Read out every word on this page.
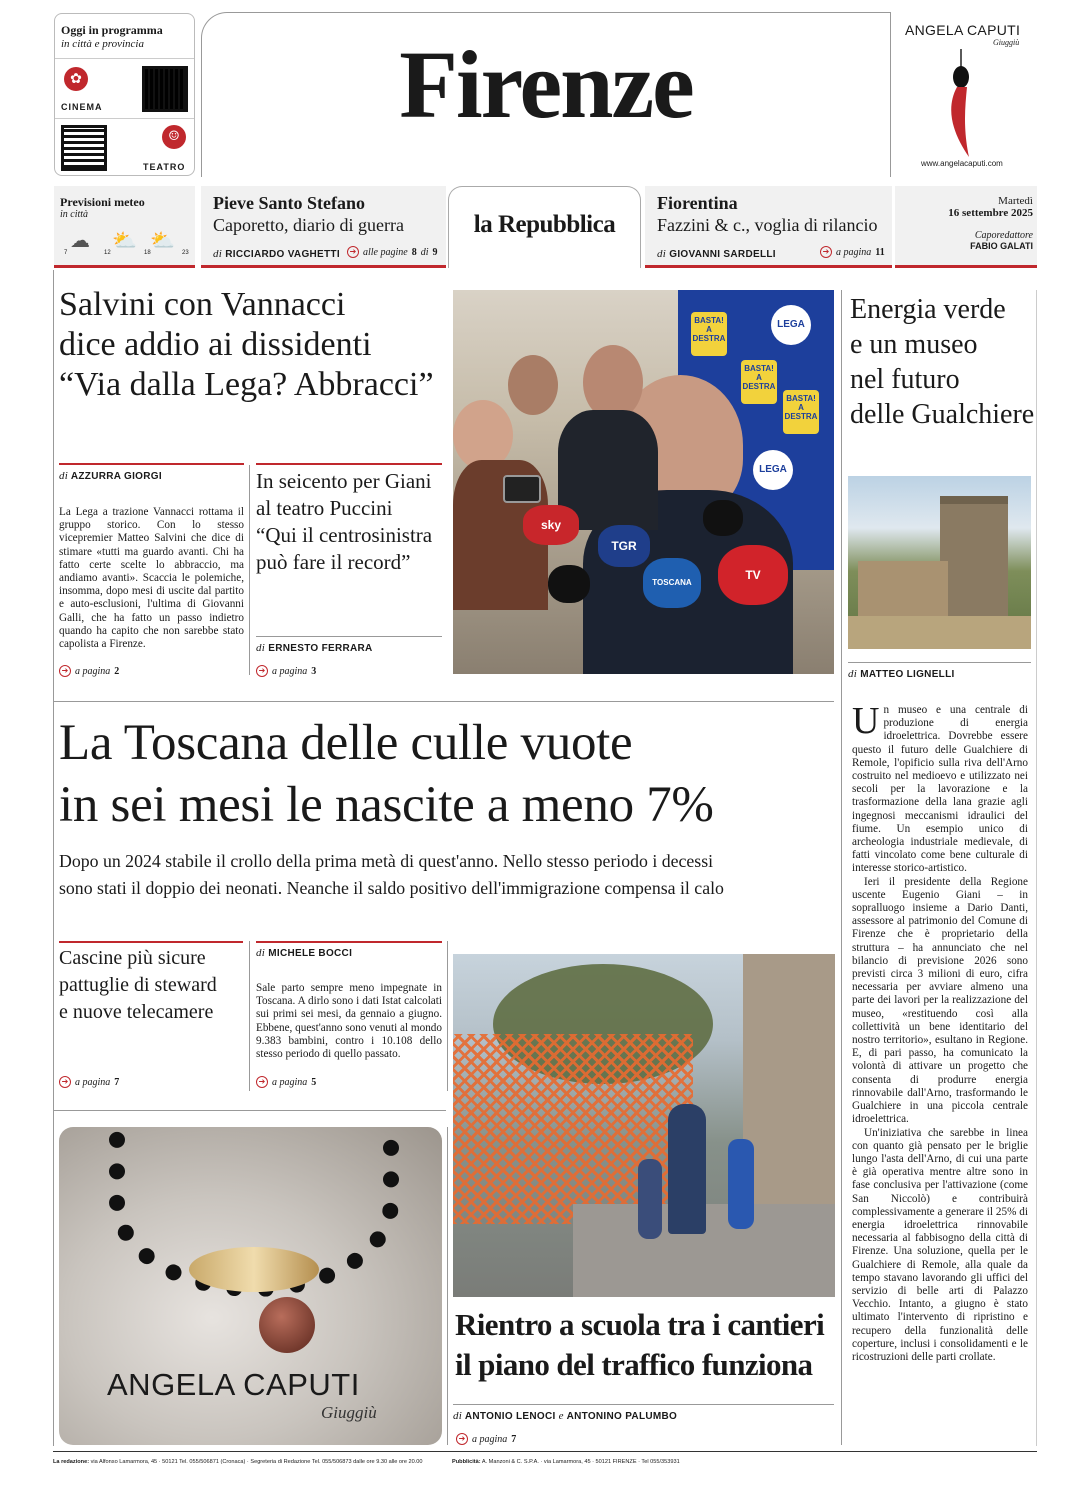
Oggi in programma
in città e provincia
✿
CINEMA
☺
TEATRO
Firenze
ANGELA CAPUTI
Giuggiù
www.angelacaputi.com
Previsioni meteo
in città
☁ ⛅ ⛅
7	12	18	23
Pieve Santo Stefano
Caporetto, diario di guerra
di RICCIARDO VAGHETTI	➔ alle pagine 8 di 9
la Repubblica
Fiorentina
Fazzini & c., voglia di rilancio
di GIOVANNI SARDELLI	➔ a pagina 11
Martedì
16 settembre 2025
Caporedattore
FABIO GALATI
Salvini con Vannacci
dice addio ai dissidenti
“Via dalla Lega? Abbracci”
di AZZURRA GIORGI
La Lega a trazione Vannacci rottama il gruppo storico. Con lo stesso vicepremier Matteo Salvini che dice di stimare «tutti ma guardo avanti. Chi ha fatto certe scelte lo abbraccio, ma andiamo avanti». Scaccia le polemiche, insomma, dopo mesi di uscite dal partito e auto-esclusioni, l'ultima di Giovanni Galli, che ha fatto un passo indietro quando ha capito che non sarebbe stato capolista a Firenze.
➔ a pagina 2
In seicento per Giani
al teatro Puccini
“Qui il centrosinistra
può fare il record”
di ERNESTO FERRARA
➔ a pagina 3
BASTA!
A DESTRA
BASTA!
A DESTRA
BASTA!
A DESTRA
LEGA
LEGA
sky
TGR
TOSCANA
TV
Energia verde
e un museo
nel futuro
delle Gualchiere
di MATTEO LIGNELLI
U n museo e una centrale di produzione di energia idroelettrica. Dovrebbe essere questo il futuro delle Gualchiere di Remole, l'opificio sulla riva dell'Arno costruito nel medioevo e utilizzato nei secoli per la lavorazione e la trasformazione della lana grazie agli ingegnosi meccanismi idraulici del fiume. Un esempio unico di archeologia industriale medievale, di fatti vincolato come bene culturale di interesse storico-artistico.

Ieri il presidente della Regione uscente Eugenio Giani – in sopralluogo insieme a Dario Danti, assessore al patrimonio del Comune di Firenze che è proprietario della struttura – ha annunciato che nel bilancio di previsione 2026 sono previsti circa 3 milioni di euro, cifra necessaria per avviare almeno una parte dei lavori per la realizzazione del museo, «restituendo così alla collettività un bene identitario del nostro territorio», esultano in Regione. E, di pari passo, ha comunicato la volontà di attivare un progetto che consenta di produrre energia rinnovabile dall'Arno, trasformando le Gualchiere in una piccola centrale idroelettrica.

Un'iniziativa che sarebbe in linea con quanto già pensato per le briglie lungo l'asta dell'Arno, di cui una parte è già operativa mentre altre sono in fase conclusiva per l'attivazione (come San Niccolò) e contribuirà complessivamente a generare il 25% di energia idroelettrica rinnovabile necessaria al fabbisogno della città di Firenze. Una soluzione, quella per le Gualchiere di Remole, alla quale da tempo stavano lavorando gli uffici del servizio di belle arti di Palazzo Vecchio. Intanto, a giugno è stato ultimato l'intervento di ripristino e recupero della funzionalità delle coperture, inclusi i consolidamenti e le ricostruzioni delle parti crollate.

La Toscana delle culle vuote
in sei mesi le nascite a meno 7%
Dopo un 2024 stabile il crollo della prima metà di quest'anno. Nello stesso periodo i decessi
sono stati il doppio dei neonati. Neanche il saldo positivo dell'immigrazione compensa il calo
Cascine più sicure
pattuglie di steward
e nuove telecamere
➔ a pagina 7
di MICHELE BOCCI
Sale parto sempre meno impegnate in Toscana. A dirlo sono i dati Istat calcolati sui primi sei mesi, da gennaio a giugno. Ebbene, quest'anno sono venuti al mondo 9.383 bambini, contro i 10.108 dello stesso periodo di quello passato.
➔ a pagina 5
ANGELA CAPUTI
Giuggiù
Rientro a scuola tra i cantieri
il piano del traffico funziona
di ANTONIO LENOCI e ANTONINO PALUMBO
➔ a pagina 7
La redazione: via Alfonso Lamarmora, 45 · 50121 Tel. 055/506871 (Cronaca) · Segreteria di Redazione Tel. 055/506873 dalle ore 9.30 alle ore 20.00	Pubblicità: A. Manzoni & C. S.P.A. · via Lamarmora, 45 · 50121 FIRENZE · Tel 055/353931
